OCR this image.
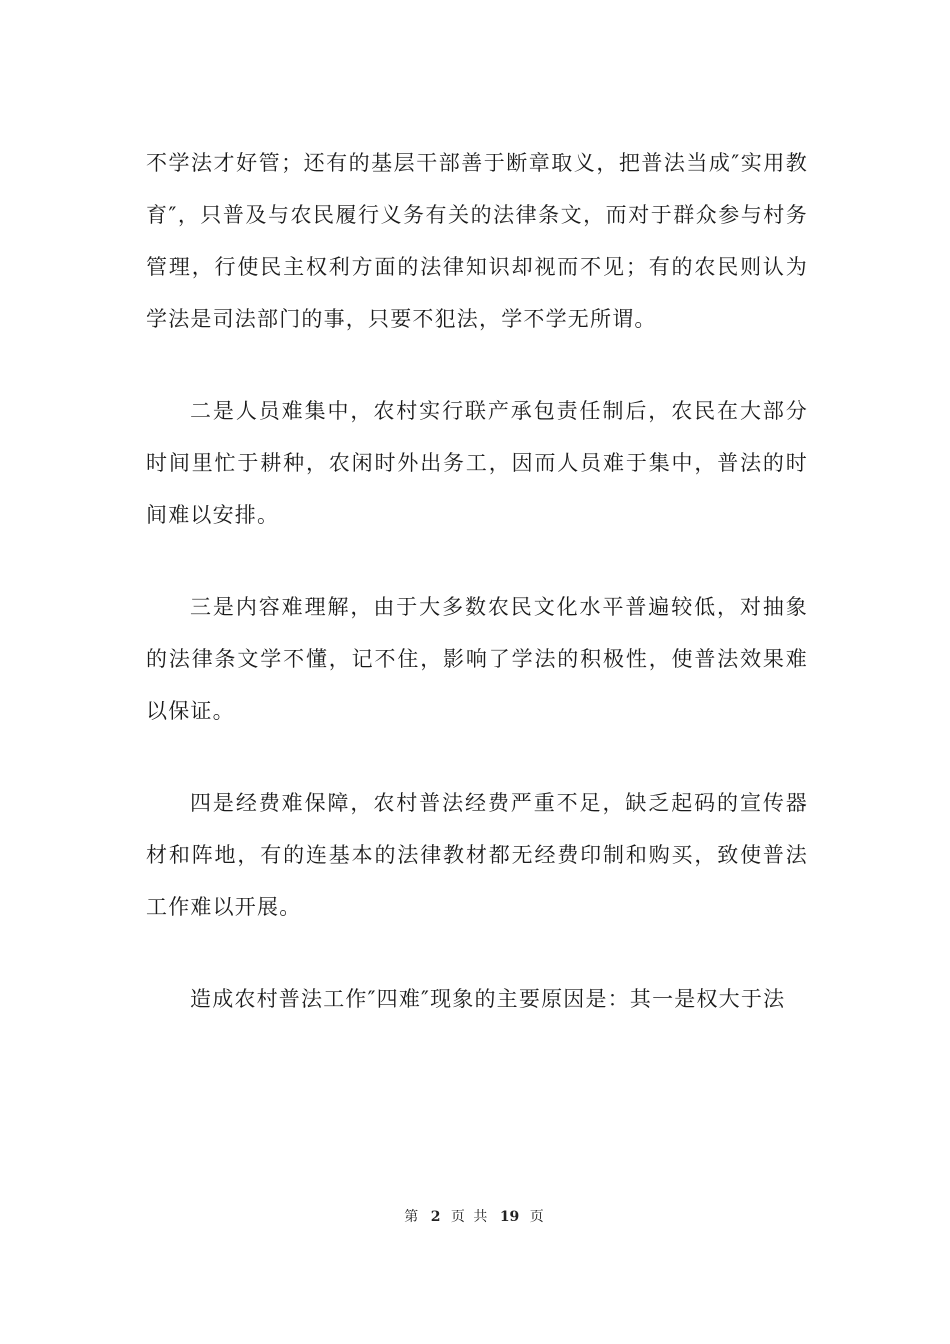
不学法才好管；还有的基层干部善于断章取义，把普法当成″实用教育″，只普及与农民履行义务有关的法律条文，而对于群众参与村务管理，行使民主权利方面的法律知识却视而不见；有的农民则认为学法是司法部门的事，只要不犯法，学不学无所谓。

二是人员难集中，农村实行联产承包责任制后，农民在大部分时间里忙于耕种，农闲时外出务工，因而人员难于集中，普法的时间难以安排。

三是内容难理解，由于大多数农民文化水平普遍较低，对抽象的法律条文学不懂，记不住，影响了学法的积极性，使普法效果难以保证。

四是经费难保障，农村普法经费严重不足，缺乏起码的宣传器材和阵地，有的连基本的法律教材都无经费印制和购买，致使普法工作难以开展。

造成农村普法工作″四难″现象的主要原因是：其一是权大于法

第 2 页 共 19 页
